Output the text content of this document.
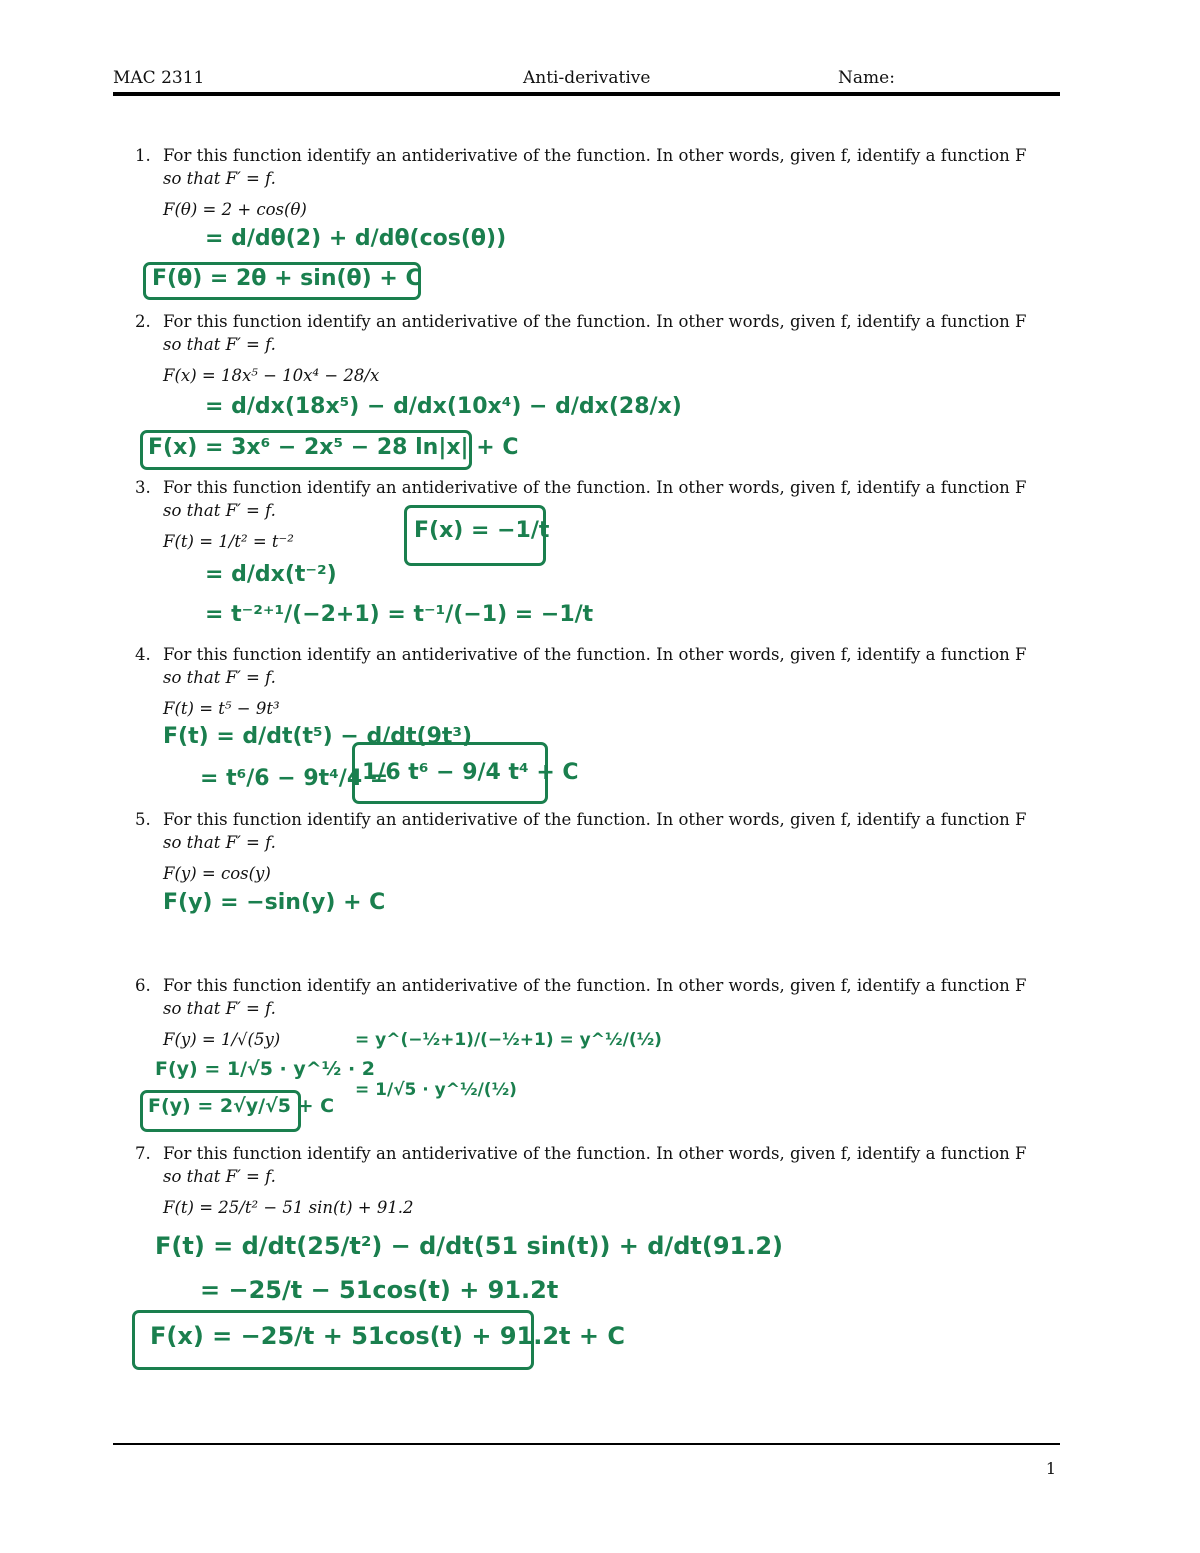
MAC 2311	Anti-derivative	Name:
1. For this function identify an antiderivative of the function. In other words, given f, identify a function F
so that F′ = f.
F(θ) = 2 + cos(θ)
= d/dθ(2) + d/dθ(cos(θ))
F(θ) = 2θ + sin(θ) + C
2. For this function identify an antiderivative of the function. In other words, given f, identify a function F
so that F′ = f.
F(x) = 18x⁵ − 10x⁴ − 28/x
= d/dx(18x⁵) − d/dx(10x⁴) − d/dx(28/x)
F(x) = 3x⁶ − 2x⁵ − 28 ln|x| + C
3. For this function identify an antiderivative of the function. In other words, given f, identify a function F
so that F′ = f.
F(t) = 1/t² = t⁻²	F(x) = −1/t
= d/dx(t⁻²)
= t⁻²⁺¹/(−2+1) = t⁻¹/(−1) = −1/t
4. For this function identify an antiderivative of the function. In other words, given f, identify a function F
so that F′ = f.
F(t) = t⁵ − 9t³
F(t) = d/dt(t⁵) − d/dt(9t³)
= t⁶/6 − 9t⁴/4 =
1/6 t⁶ − 9/4 t⁴ + C
5. For this function identify an antiderivative of the function. In other words, given f, identify a function F
so that F′ = f.
F(y) = cos(y)
F(y) = −sin(y) + C
6. For this function identify an antiderivative of the function. In other words, given f, identify a function F
so that F′ = f.
F(y) = 1/√(5y)
F(y) = 1/√5 · y^½ · 2
F(y) = 2√y/√5 + C
= y^(−½+1)/(−½+1) = y^½/(½)
= 1/√5 · y^½/(½)
7. For this function identify an antiderivative of the function. In other words, given f, identify a function F
so that F′ = f.
F(t) = 25/t² − 51 sin(t) + 91.2
F(t) = d/dt(25/t²) − d/dt(51 sin(t)) + d/dt(91.2)
= −25/t − 51cos(t) + 91.2t
F(x) = −25/t + 51cos(t) + 91.2t + C
1
